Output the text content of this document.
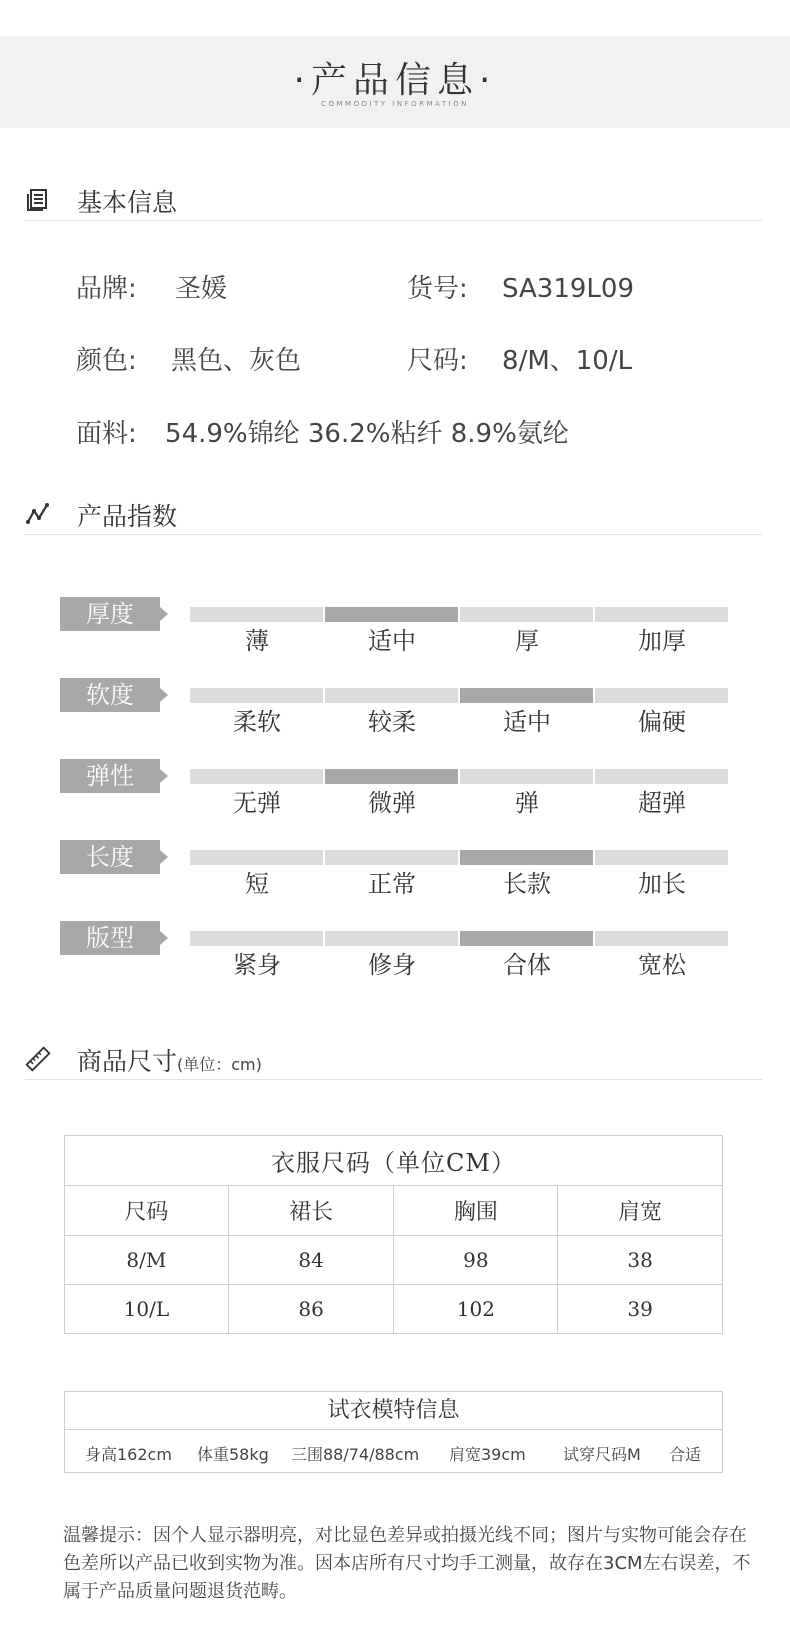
·产品信息·
COMMODITY INFORMATION
基本信息
品牌: 圣媛	货号: SA319L09
颜色: 黑色、灰色	尺码: 8/M、10/L
面料: 54.9%锦纶 36.2%粘纤 8.9%氨纶
产品指数
厚度
薄	适中	厚	加厚
软度
柔软	较柔	适中	偏硬
弹性
无弹	微弹	弹	超弹
长度
短	正常	长款	加长
版型
紧身	修身	合体	宽松
商品尺寸(单位：cm)
衣服尺码（单位CM）			
尺码	裙长	胸围	肩宽
8/M	84	98	38
10/L	86	102	39
试衣模特信息
身高162cm 体重58kg 三围88/74/88cm 肩宽39cm 试穿尺码M 合适
温馨提示：因个人显示器明亮，对比显色差异或拍摄光线不同；图片与实物可能会存在色差所以产品已收到实物为准。因本店所有尺寸均手工测量，故存在3CM左右误差，不属于产品质量问题退货范畴。
